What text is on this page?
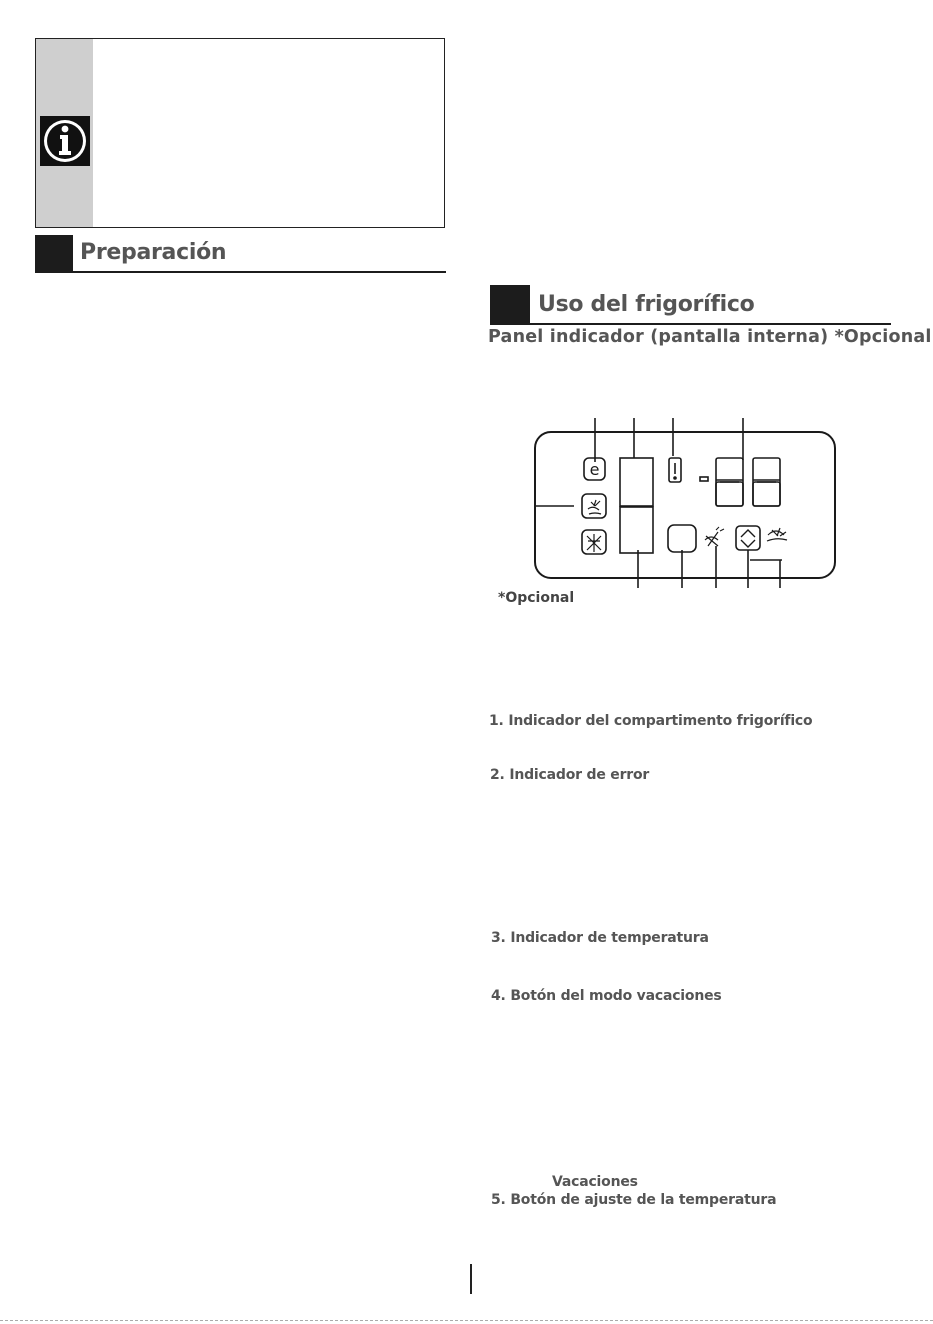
Preparación
Uso del frigorífico
Panel indicador (pantalla interna) *Opcional
e
*Opcional
1. Indicador del compartimento frigorífico
2. Indicador de error
3. Indicador de temperatura
4. Botón del modo vacaciones
Vacaciones
5. Botón de ajuste de la temperatura
